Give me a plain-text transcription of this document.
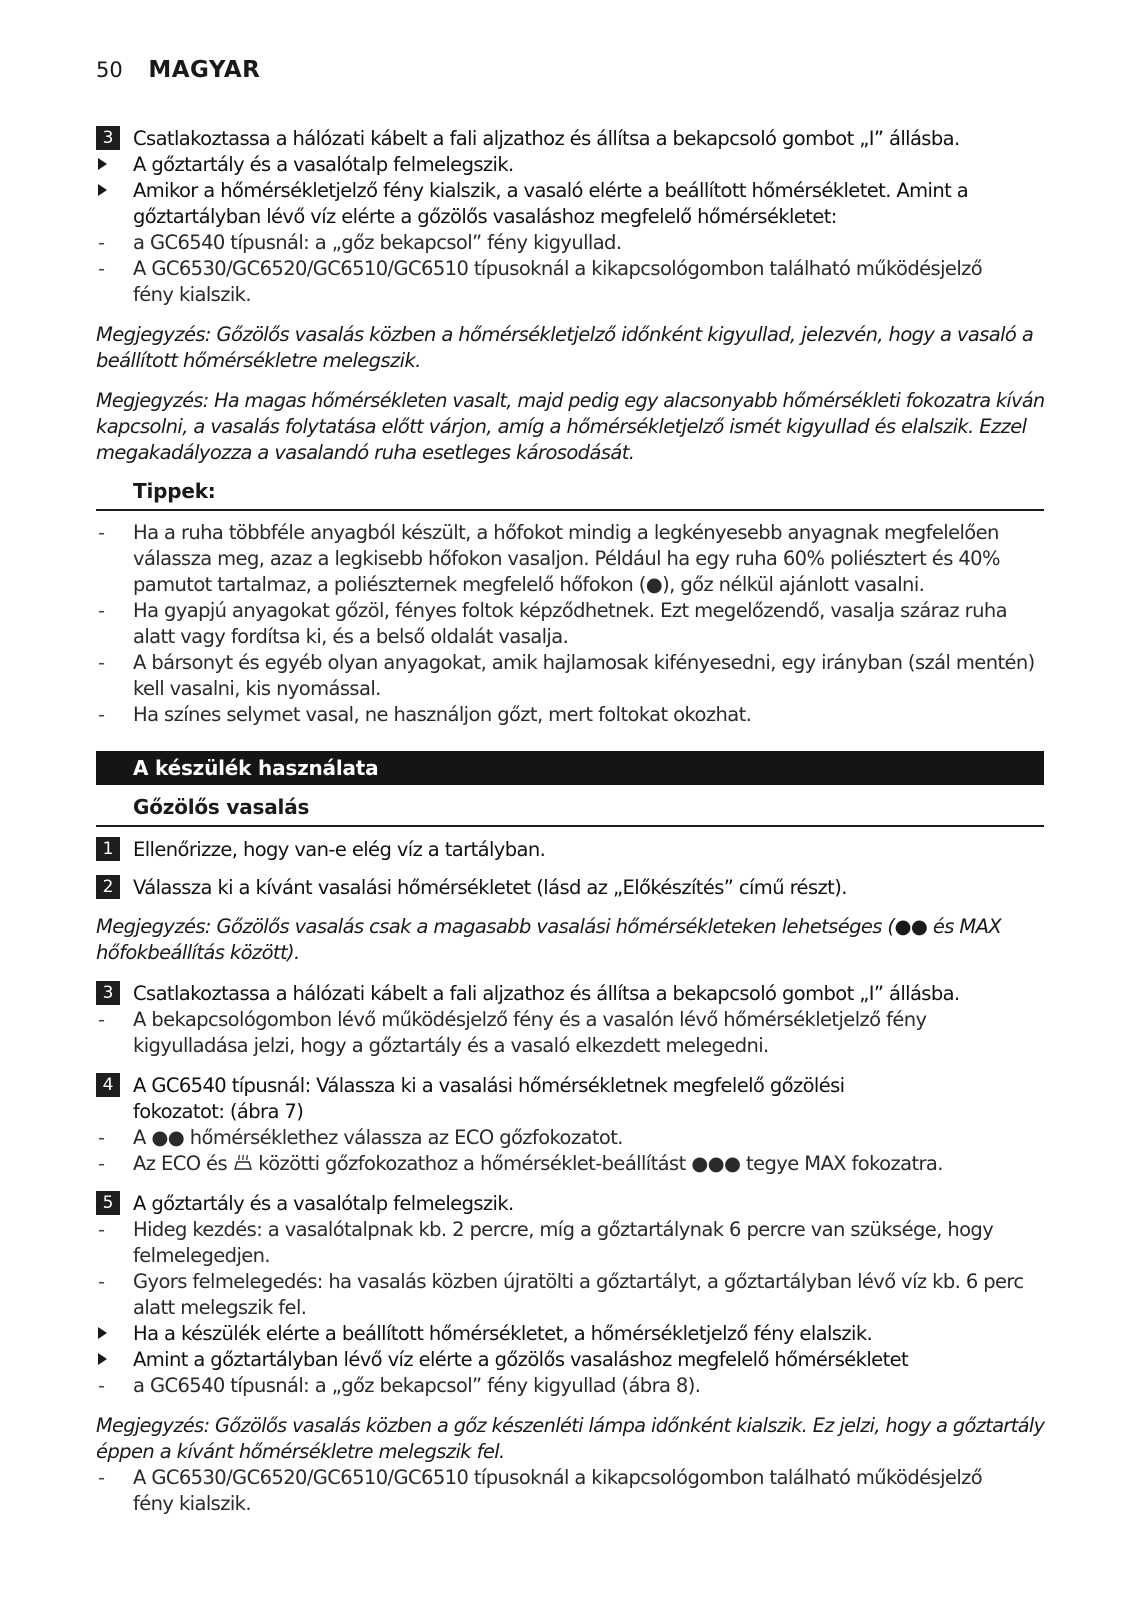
50 MAGYAR
3	Csatlakoztassa a hálózati kábelt a fali aljzathoz és állítsa a bekapcsoló gombot „I” állásba.
A gőztartály és a vasalótalp felmelegszik.
Amikor a hőmérsékletjelző fény kialszik, a vasaló elérte a beállított hőmérsékletet. Amint a
gőztartályban lévő víz elérte a gőzölős vasaláshoz megfelelő hőmérsékletet:
- a GC6540 típusnál: a „gőz bekapcsol” fény kigyullad.
- A GC6530/GC6520/GC6510/GC6510 típusoknál a kikapcsológombon található működésjelző
fény kialszik.
Megjegyzés: Gőzölős vasalás közben a hőmérsékletjelző időnként kigyullad, jelezvén, hogy a vasaló a
beállított hőmérsékletre melegszik.
Megjegyzés: Ha magas hőmérsékleten vasalt, majd pedig egy alacsonyabb hőmérsékleti fokozatra kíván
kapcsolni, a vasalás folytatása előtt várjon, amíg a hőmérsékletjelző ismét kigyullad és elalszik. Ezzel
megakadályozza a vasalandó ruha esetleges károsodását.
Tippek:
- Ha a ruha többféle anyagból készült, a hőfokot mindig a legkényesebb anyagnak megfelelően
válassza meg, azaz a legkisebb hőfokon vasaljon. Például ha egy ruha 60% poliésztert és 40%
pamutot tartalmaz, a poliészternek megfelelő hőfokon (●), gőz nélkül ajánlott vasalni.
- Ha gyapjú anyagokat gőzöl, fényes foltok képződhetnek. Ezt megelőzendő, vasalja száraz ruha
alatt vagy fordítsa ki, és a belső oldalát vasalja.
- A bársonyt és egyéb olyan anyagokat, amik hajlamosak kifényesedni, egy irányban (szál mentén)
kell vasalni, kis nyomással.
- Ha színes selymet vasal, ne használjon gőzt, mert foltokat okozhat.
A készülék használata
Gőzölős vasalás
1	Ellenőrizze, hogy van-e elég víz a tartályban.
2	Válassza ki a kívánt vasalási hőmérsékletet (lásd az „Előkészítés” című részt).
Megjegyzés: Gőzölős vasalás csak a magasabb vasalási hőmérsékleteken lehetséges (●● és MAX
hőfokbeállítás között).
3	Csatlakoztassa a hálózati kábelt a fali aljzathoz és állítsa a bekapcsoló gombot „I” állásba.
- A bekapcsológombon lévő működésjelző fény és a vasalón lévő hőmérsékletjelző fény
kigyulladása jelzi, hogy a gőztartály és a vasaló elkezdett melegedni.
4	A GC6540 típusnál: Válassza ki a vasalási hőmérsékletnek megfelelő gőzölési
fokozatot: (ábra 7)
- A ●● hőmérséklethez válassza az ECO gőzfokozatot.
- Az ECO és  közötti gőzfokozathoz a hőmérséklet-beállítást ●●● tegye MAX fokozatra.
5	A gőztartály és a vasalótalp felmelegszik.
- Hideg kezdés: a vasalótalpnak kb. 2 percre, míg a gőztartálynak 6 percre van szüksége, hogy
felmelegedjen.
- Gyors felmelegedés: ha vasalás közben újratölti a gőztartályt, a gőztartályban lévő víz kb. 6 perc
alatt melegszik fel.
Ha a készülék elérte a beállított hőmérsékletet, a hőmérsékletjelző fény elalszik.
Amint a gőztartályban lévő víz elérte a gőzölős vasaláshoz megfelelő hőmérsékletet
- a GC6540 típusnál: a „gőz bekapcsol” fény kigyullad (ábra 8).
Megjegyzés: Gőzölős vasalás közben a gőz készenléti lámpa időnként kialszik. Ez jelzi, hogy a gőztartály
éppen a kívánt hőmérsékletre melegszik fel.
- A GC6530/GC6520/GC6510/GC6510 típusoknál a kikapcsológombon található működésjelző
fény kialszik.
